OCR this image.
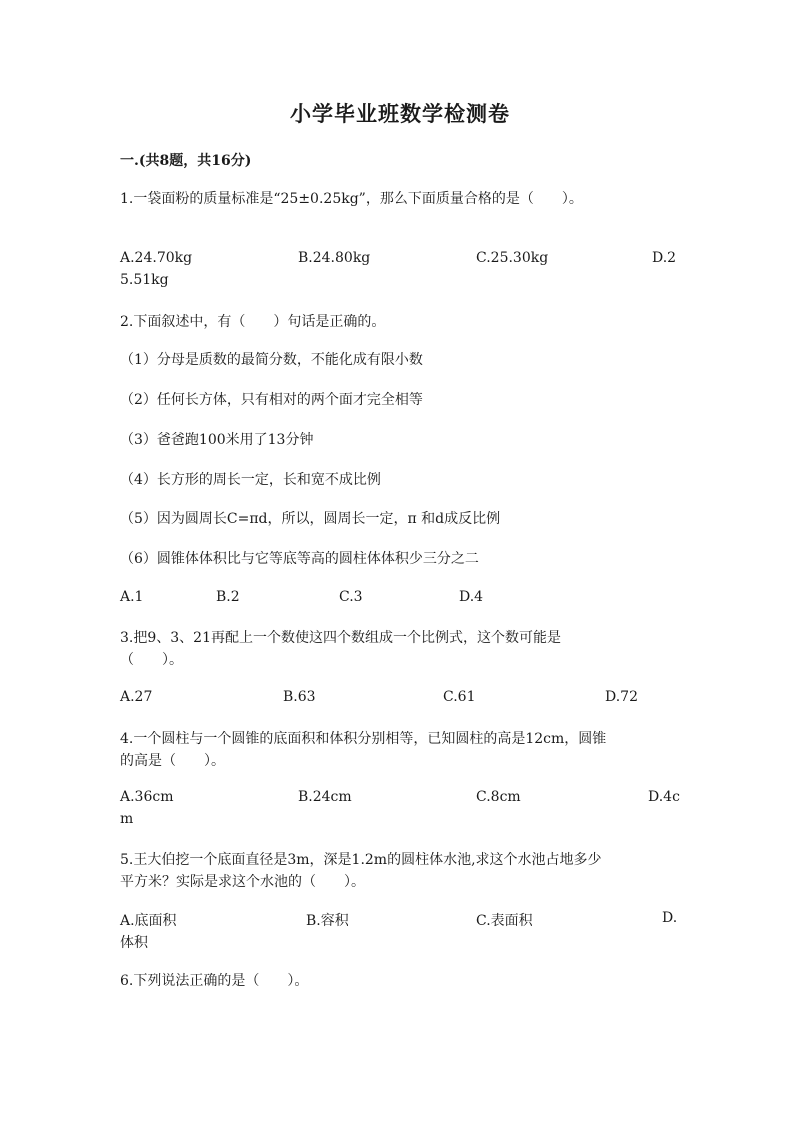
小学毕业班数学检测卷
一.(共8题，共16分)
1.一袋面粉的质量标准是“25±0.25kg”，那么下面质量合格的是（　　）。
A.24.70kg	B.24.80kg	C.25.30kg	D.2
5.51kg
2.下面叙述中，有（　　）句话是正确的。
（1）分母是质数的最简分数，不能化成有限小数
（2）任何长方体，只有相对的两个面才完全相等
（3）爸爸跑100米用了13分钟
（4）长方形的周长一定，长和宽不成比例
（5）因为圆周长C=πd，所以，圆周长一定，π 和d成反比例
（6）圆锥体体积比与它等底等高的圆柱体体积少三分之二
A.1	B.2	C.3	D.4
3.把9、3、21再配上一个数使这四个数组成一个比例式，这个数可能是
（　　）。
A.27	B.63	C.61	D.72
4.一个圆柱与一个圆锥的底面积和体积分别相等，已知圆柱的高是12cm，圆锥
的高是（　　）。
A.36cm	B.24cm	C.8cm	D.4c
m
5.王大伯挖一个底面直径是3m，深是1.2m的圆柱体水池,求这个水池占地多少
平方米？实际是求这个水池的（　　）。
A.底面积	B.容积	C.表面积	D.
体积
6.下列说法正确的是（　　）。
